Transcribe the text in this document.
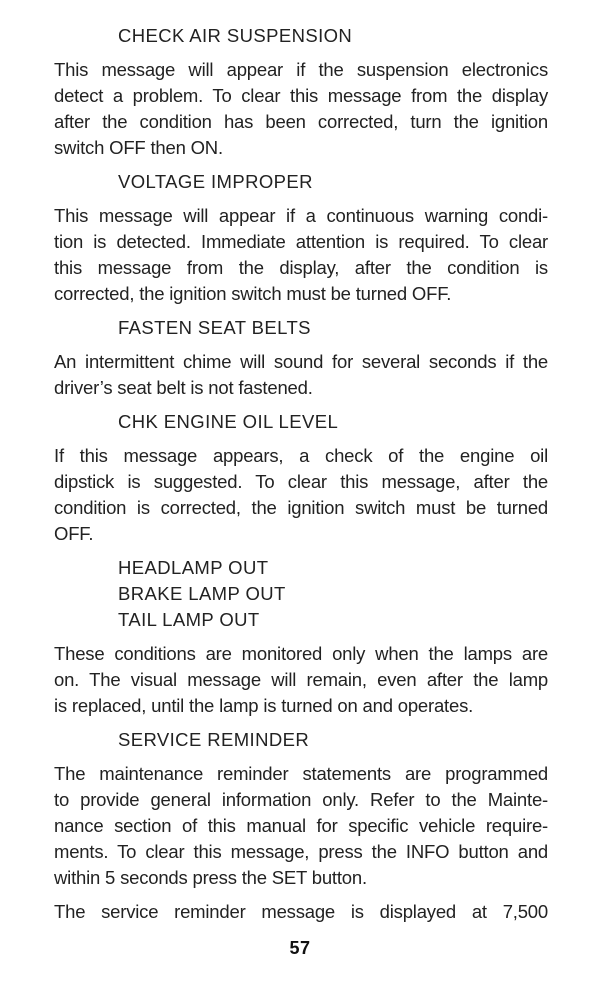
CHECK AIR SUSPENSION
This message will appear if the suspension electronics
detect a problem. To clear this message from the display
after the condition has been corrected, turn the ignition
switch OFF then ON.
VOLTAGE IMPROPER
This message will appear if a continuous warning condi-
tion is detected. Immediate attention is required. To clear
this message from the display, after the condition is
corrected, the ignition switch must be turned OFF.
FASTEN SEAT BELTS
An intermittent chime will sound for several seconds if the
driver’s seat belt is not fastened.
CHK ENGINE OIL LEVEL
If this message appears, a check of the engine oil
dipstick is suggested. To clear this message, after the
condition is corrected, the ignition switch must be turned
OFF.
HEADLAMP OUT
BRAKE LAMP OUT
TAIL LAMP OUT
These conditions are monitored only when the lamps are
on. The visual message will remain, even after the lamp
is replaced, until the lamp is turned on and operates.
SERVICE REMINDER
The maintenance reminder statements are programmed
to provide general information only. Refer to the Mainte-
nance section of this manual for specific vehicle require-
ments. To clear this message, press the INFO button and
within 5 seconds press the SET button.
The service reminder message is displayed at 7,500
57
